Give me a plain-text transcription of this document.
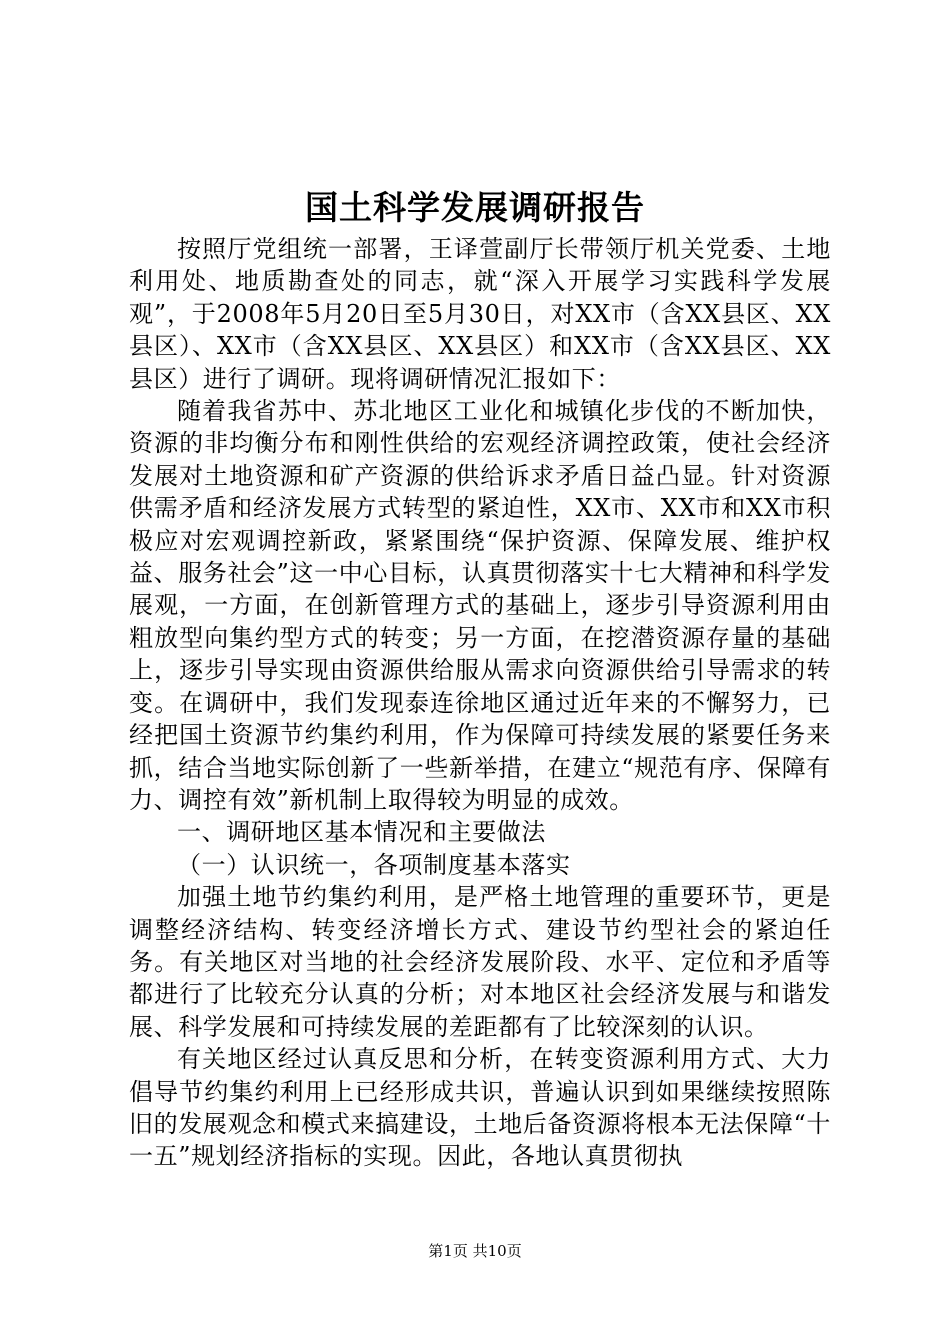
国土科学发展调研报告

按照厅党组统一部署，王译萱副厅长带领厅机关党委、土地利用处、地质勘查处的同志，就“深入开展学习实践科学发展观”，于2008年5月20日至5月30日，对XX市（含XX县区、XX县区）、XX市（含XX县区、XX县区）和XX市（含XX县区、XX县区）进行了调研。现将调研情况汇报如下：

随着我省苏中、苏北地区工业化和城镇化步伐的不断加快，资源的非均衡分布和刚性供给的宏观经济调控政策，使社会经济发展对土地资源和矿产资源的供给诉求矛盾日益凸显。针对资源供需矛盾和经济发展方式转型的紧迫性，XX市、XX市和XX市积极应对宏观调控新政，紧紧围绕“保护资源、保障发展、维护权益、服务社会”这一中心目标，认真贯彻落实十七大精神和科学发展观，一方面，在创新管理方式的基础上，逐步引导资源利用由粗放型向集约型方式的转变；另一方面，在挖潜资源存量的基础上，逐步引导实现由资源供给服从需求向资源供给引导需求的转变。在调研中，我们发现泰连徐地区通过近年来的不懈努力，已经把国土资源节约集约利用，作为保障可持续发展的紧要任务来抓，结合当地实际创新了一些新举措，在建立“规范有序、保障有力、调控有效”新机制上取得较为明显的成效。

一、调研地区基本情况和主要做法

（一）认识统一，各项制度基本落实

加强土地节约集约利用，是严格土地管理的重要环节，更是调整经济结构、转变经济增长方式、建设节约型社会的紧迫任务。有关地区对当地的社会经济发展阶段、水平、定位和矛盾等都进行了比较充分认真的分析；对本地区社会经济发展与和谐发展、科学发展和可持续发展的差距都有了比较深刻的认识。

有关地区经过认真反思和分析，在转变资源利用方式、大力倡导节约集约利用上已经形成共识，普遍认识到如果继续按照陈旧的发展观念和模式来搞建设，土地后备资源将根本无法保障“十一五”规划经济指标的实现。因此，各地认真贯彻执

第1页 共10页
